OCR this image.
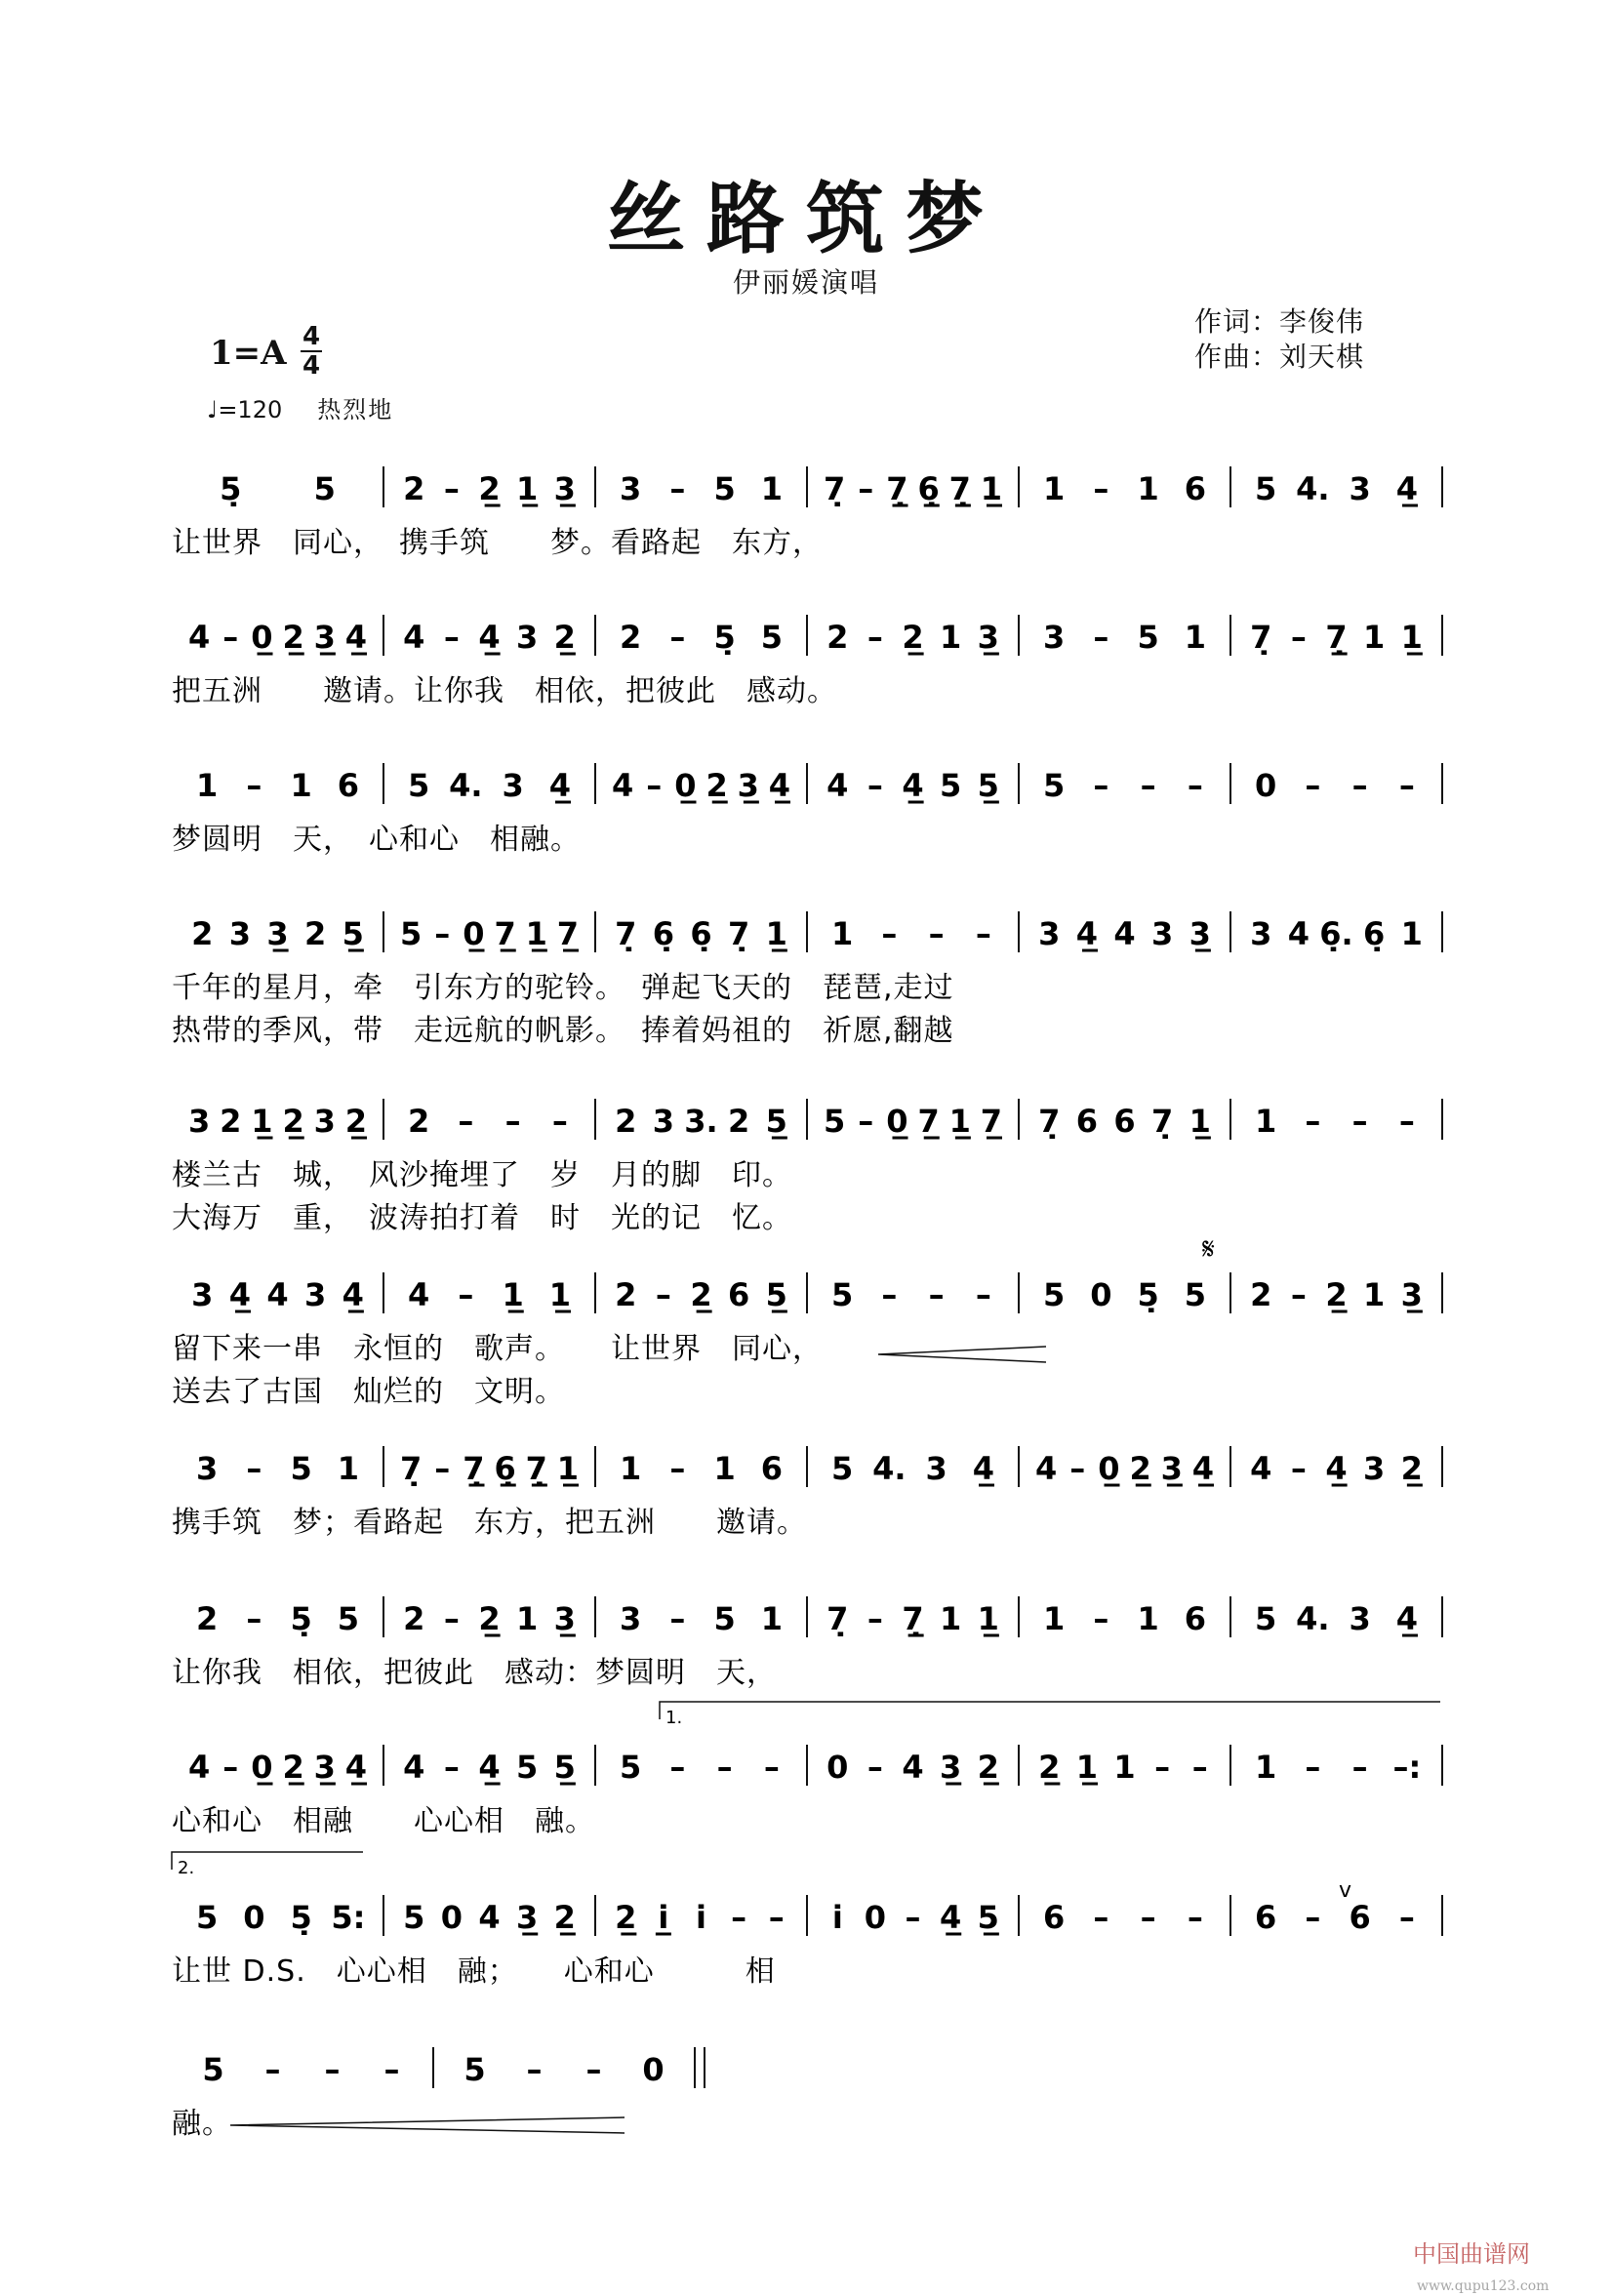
丝路筑梦
伊丽媛演唱
作词：李俊伟
作曲：刘天棋
1=A 4
4
♩=120 热烈地
5̣ 5 2 – 2̲ 1̲ 3̲ 3 – 5 1 7̣ – 7̲̣ 6̲̣ 7̲̣ 1̲ 1 – 1 6 5 4. 3 4̲
4 – 0̲ 2̲ 3̲ 4̲ 4 – 4̲ 3 2̲ 2 – 5̣ 5 2 – 2̲ 1 3̲ 3 – 5 1 7̣ – 7̲̣ 1 1̲
1 – 1 6 5 4. 3 4̲ 4 – 0̲ 2̲ 3̲ 4̲ 4 – 4̲ 5 5̲ 5 – – – 0 – – –
2 3 3̲ 2 5̲ 5 – 0̲ 7̲ 1̲ 7̲ 7̣ 6̣ 6̣ 7̣ 1̲ 1 – – – 3 4̲ 4 3 3̲ 3 4 6̣. 6̣ 1
3 2 1̲ 2̲ 3 2̲ 2 – – – 2 3 3. 2 5̲ 5 – 0̲ 7̲ 1̲ 7̲ 7̣ 6 6 7̣ 1̲ 1 – – –
3 4̲ 4 3 4̲ 4 – 1̲ 1̲ 2 – 2̲ 6 5̲ 5 – – – 5 0 5̣ 5 2 – 2̲ 1 3̲
3 – 5 1 7̣ – 7̲̣ 6̲̣ 7̲̣ 1̲ 1 – 1 6 5 4. 3 4̲ 4 – 0̲ 2̲ 3̲ 4̲ 4 – 4̲ 3 2̲
2 – 5̣ 5 2 – 2̲ 1 3̲ 3 – 5 1 7̣ – 7̲̣ 1 1̲ 1 – 1 6 5 4. 3 4̲
4 – 0̲ 2̲ 3̲ 4̲ 4 – 4̲ 5 5̲ 5 – – – 0 – 4 3̲ 2̲ 2̲ 1̲ 1 – – 1 – – –:
5 0 5̣ 5: 5 0 4 3̲ 2̲ 2̲ i̲ i – – i 0 – 4̲ 5̲ 6 – – – 6 – 6 –
5 – – – 5 – – 0
让世界　同心，　携手筑　　梦。看路起　东方，
把五洲　　邀请。让你我　相依，把彼此　感动。
梦圆明　天，　心和心　相融。
千年的星月，牵　引东方的驼铃。　弹起飞天的　琵琶,走过
热带的季风，带　走远航的帆影。　捧着妈祖的　祈愿,翻越
楼兰古　城，　风沙掩埋了　岁　月的脚　印。
大海万　重，　波涛拍打着　时　光的记　忆。
留下来一串　永恒的　歌声。　　让世界　同心，
送去了古国　灿烂的　文明。
携手筑　梦；看路起　东方，把五洲　　邀请。
让你我　相依，把彼此　感动：梦圆明　天，
心和心　相融　　心心相　融。
让世 D.S.　心心相　融；　　心和心　　　相
融。
1.
2.
𝄋
v
中国曲谱网www.qupu123.com
